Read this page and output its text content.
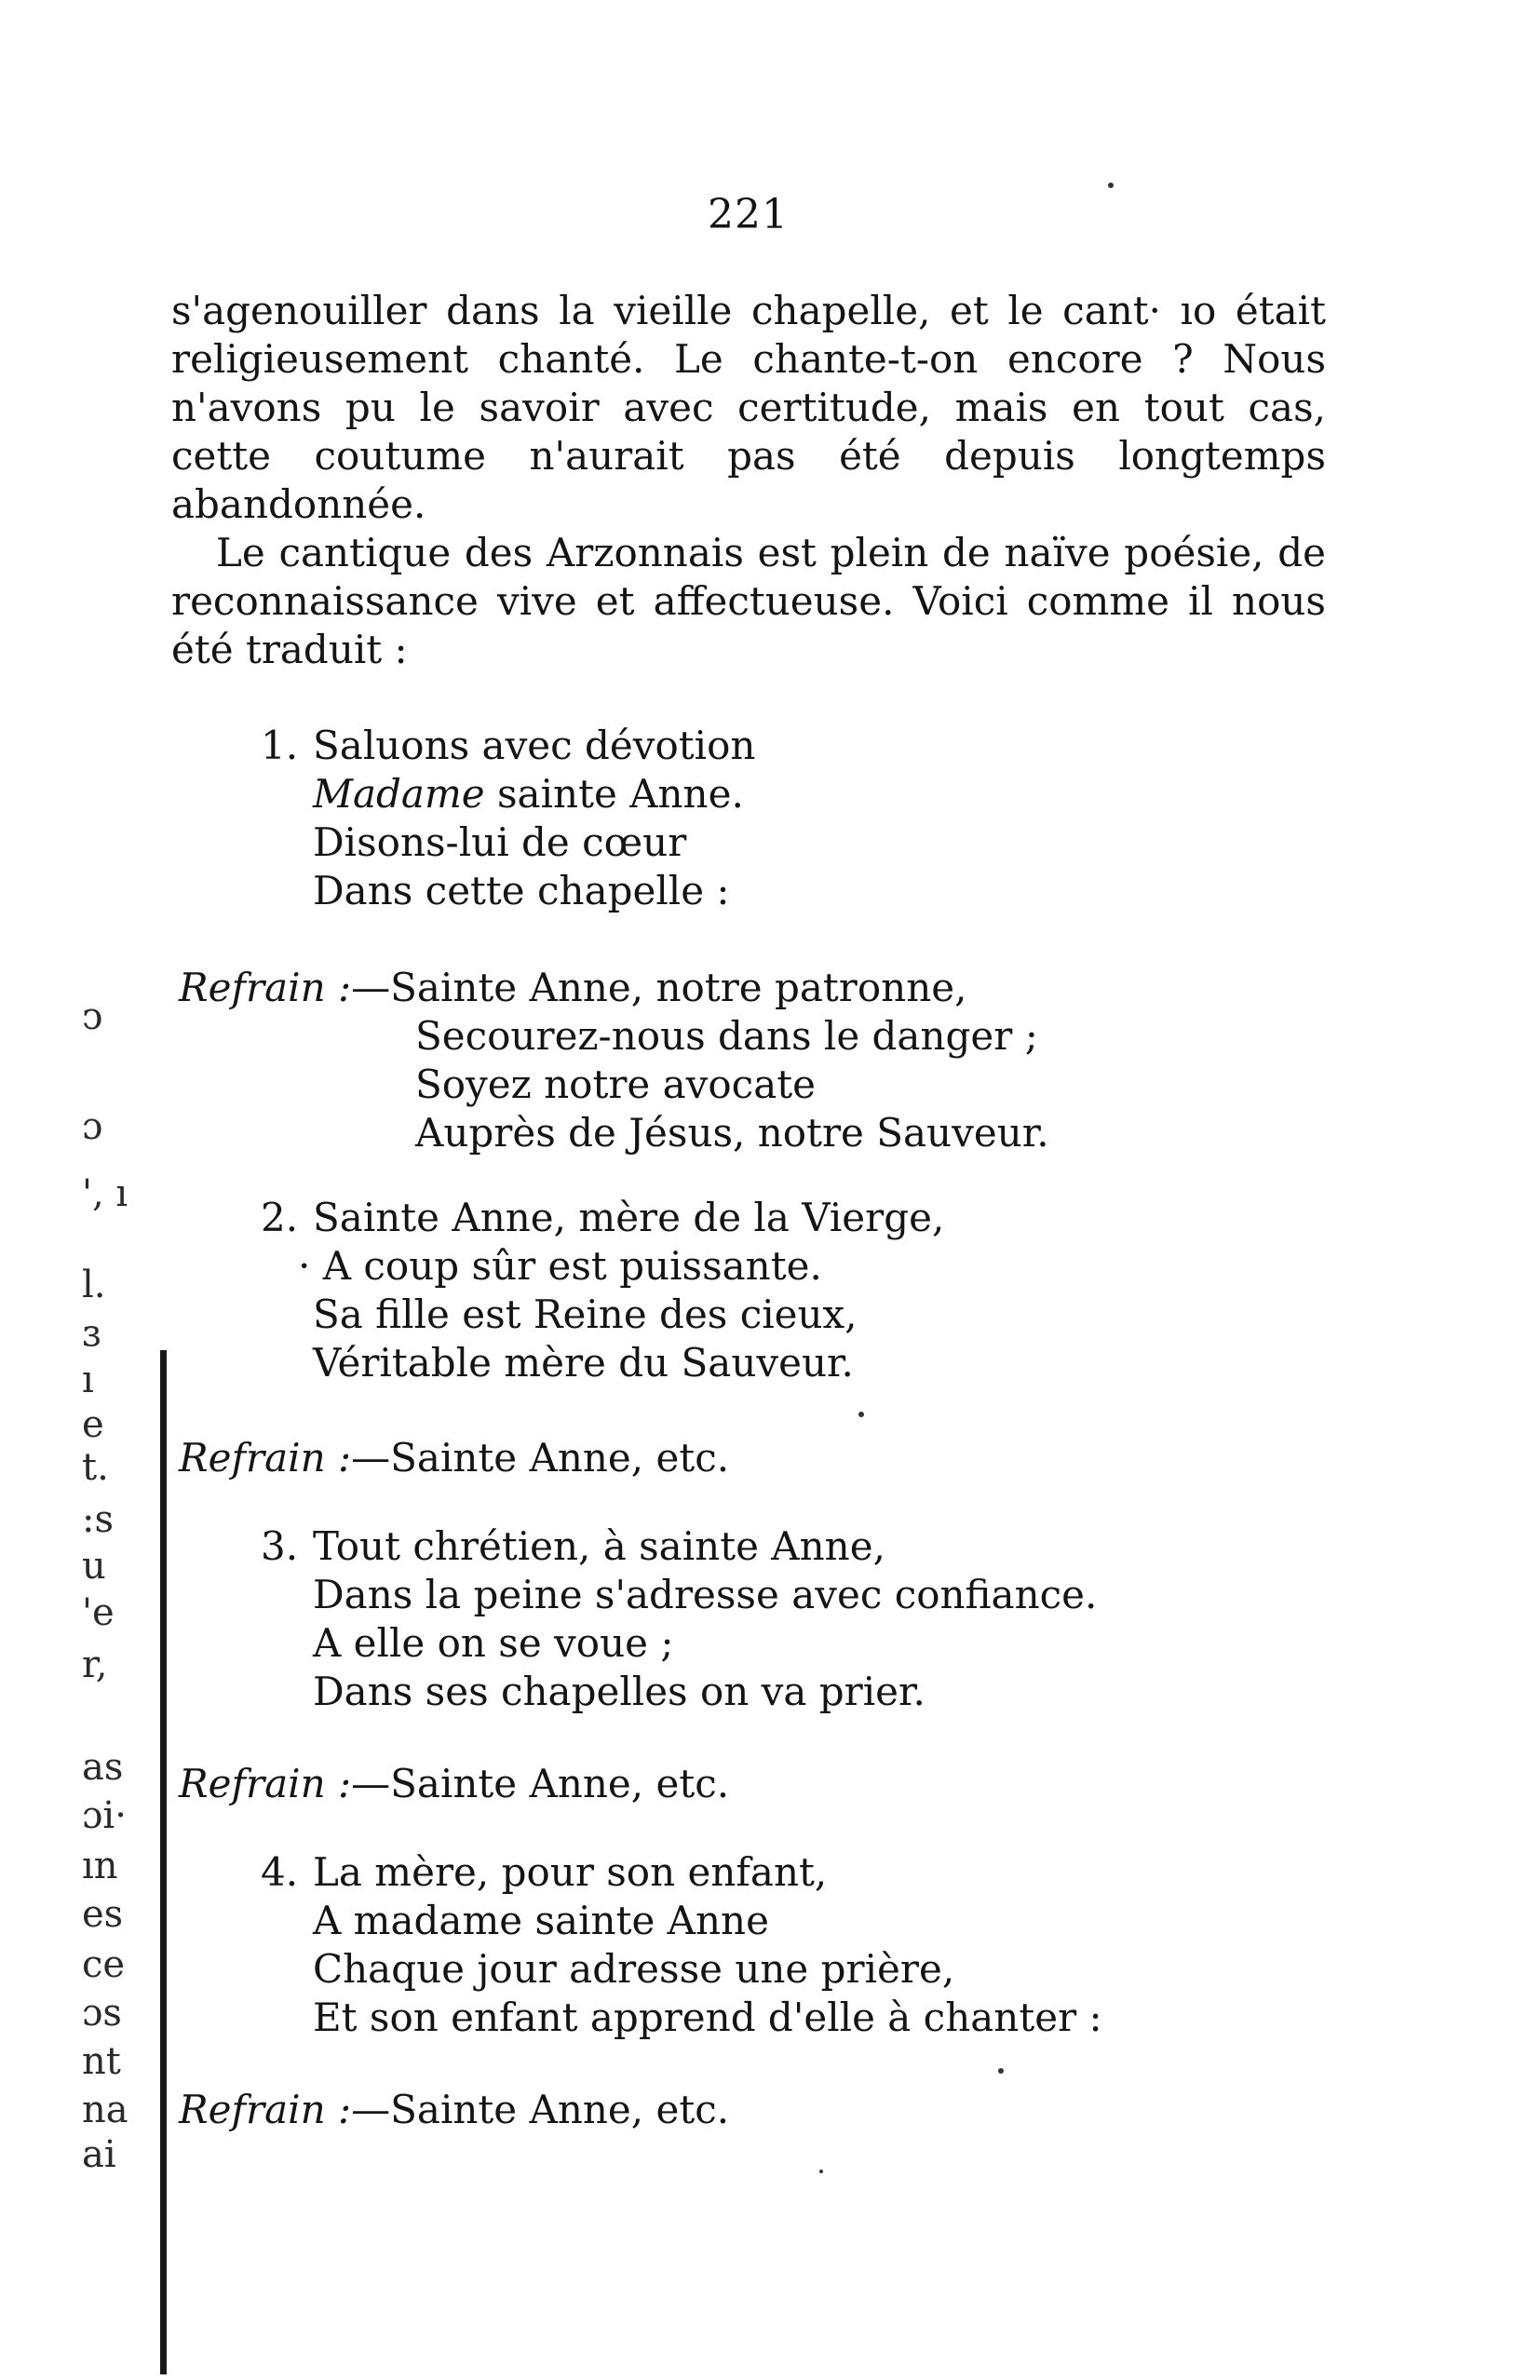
221

s'agenouiller dans la vieille chapelle, et le cant· ıo était religieusement chanté. Le chante-t-on encore ? Nous n'avons pu le savoir avec certitude, mais en tout cas, cette coutume n'aurait pas été depuis longtemps abandonnée.

Le cantique des Arzonnais est plein de naïve poésie, de reconnaissance vive et affectueuse. Voici comme il nous été traduit :

1. Saluons avec dévotion
Madame sainte Anne.
Disons-lui de cœur
Dans cette chapelle :
Refrain :—Sainte Anne, notre patronne,
Secourez-nous dans le danger ;
Soyez notre avocate
Auprès de Jésus, notre Sauveur.
2. Sainte Anne, mère de la Vierge,
· A coup sûr est puissante.
Sa fille est Reine des cieux,
Véritable mère du Sauveur.
Refrain :—Sainte Anne, etc.
3. Tout chrétien, à sainte Anne,
Dans la peine s'adresse avec confiance.
A elle on se voue ;
Dans ses chapelles on va prier.
Refrain :—Sainte Anne, etc.
4. La mère, pour son enfant,
A madame sainte Anne
Chaque jour adresse une prière,
Et son enfant apprend d'elle à chanter :
Refrain :—Sainte Anne, etc.
ↄ
ɔ
', ı
l.
ɜ
ı
e
t.
:s
u
'e
r,
as
ɔi·
ın
es
ce
ɔs
nt
na
ai
